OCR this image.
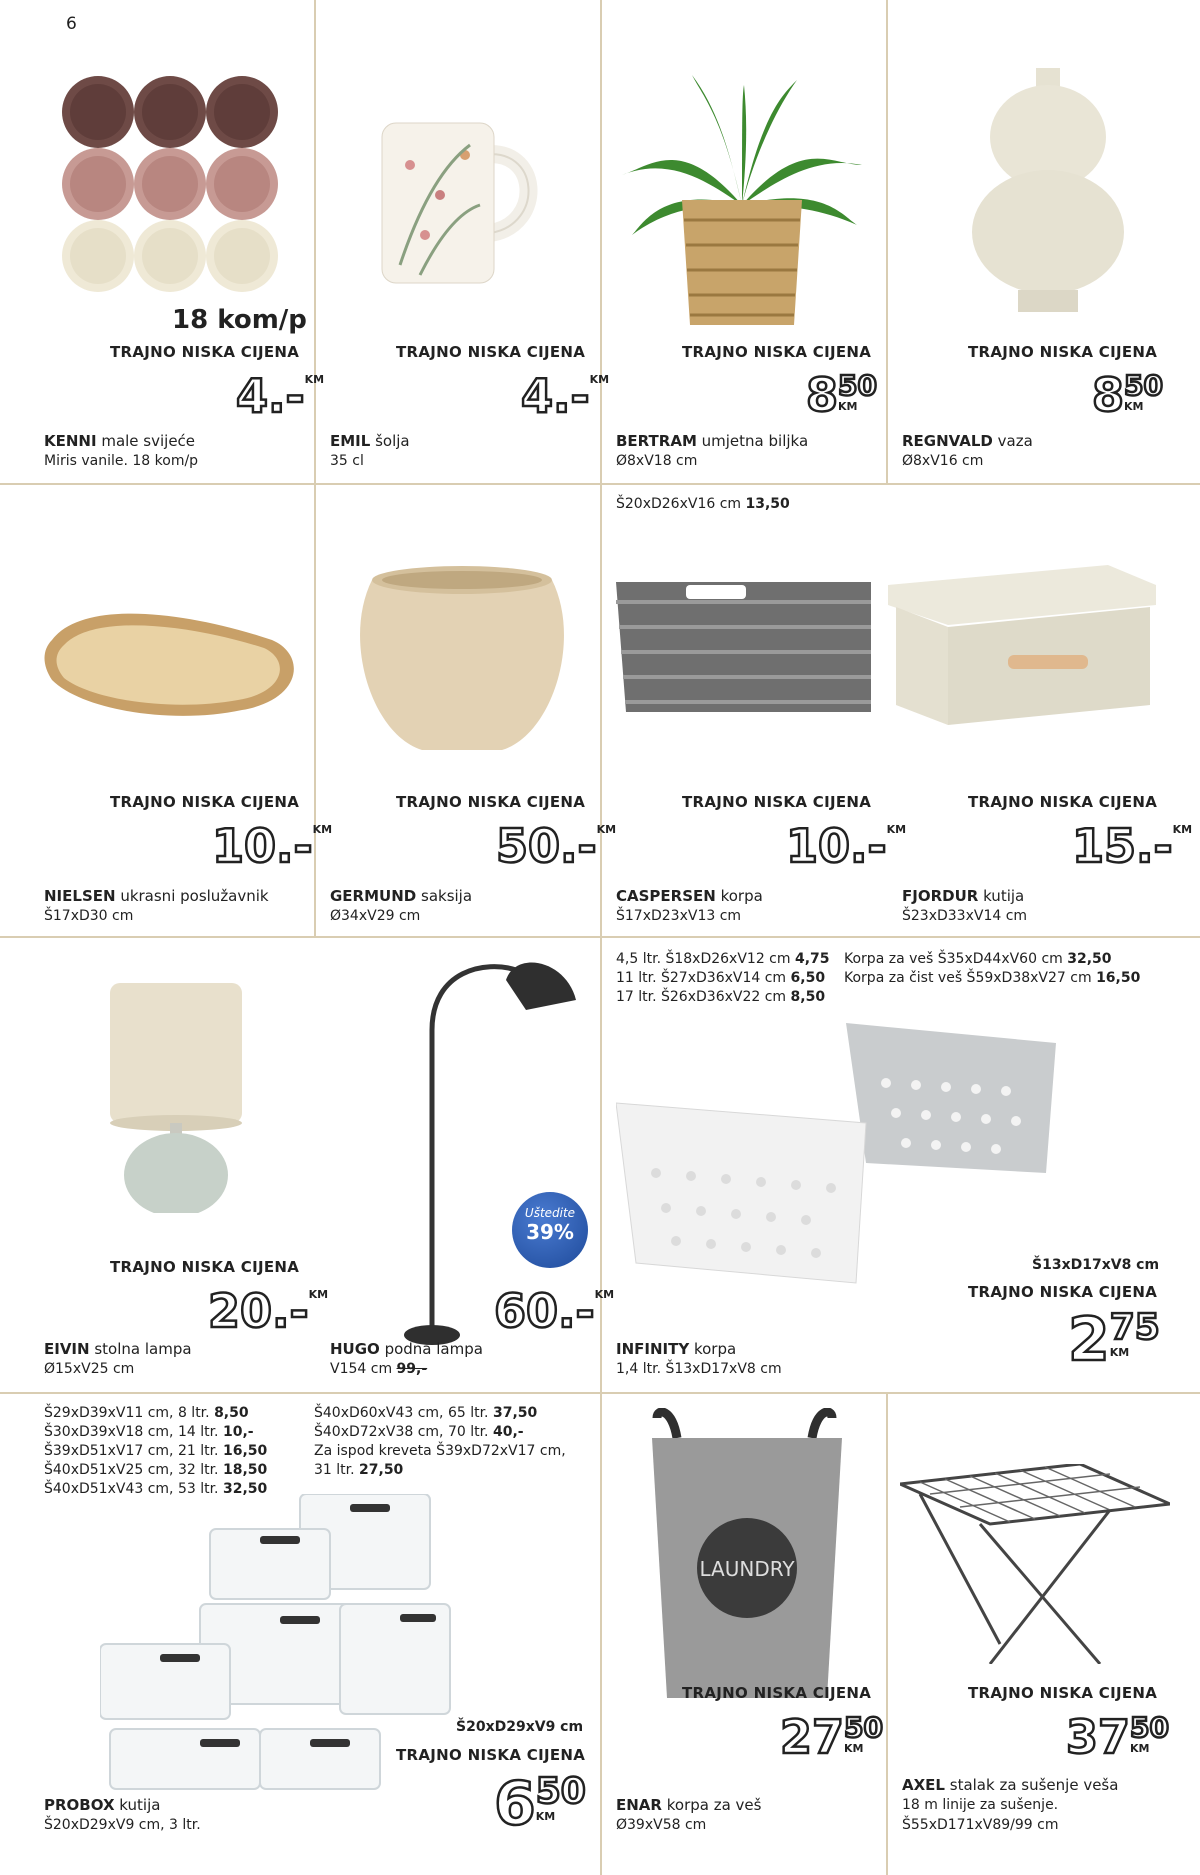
6
18 kom/p
TRAJNO NISKA CIJENA
4.- KM
KENNI male svijeće
Miris vanile. 18 kom/p
TRAJNO NISKA CIJENA
4.- KM
EMIL šolja
35 cl
TRAJNO NISKA CIJENA
8 50
KM
BERTRAM umjetna biljka
Ø8xV18 cm
TRAJNO NISKA CIJENA
8 50
KM
REGNVALD vaza
Ø8xV16 cm
TRAJNO NISKA CIJENA
10.- KM
NIELSEN ukrasni poslužavnik
Š17xD30 cm
TRAJNO NISKA CIJENA
50.- KM
GERMUND saksija
Ø34xV29 cm
Š20xD26xV16 cm 13,50
TRAJNO NISKA CIJENA
10.- KM
CASPERSEN korpa
Š17xD23xV13 cm
TRAJNO NISKA CIJENA
15.- KM
FJORDUR kutija
Š23xD33xV14 cm
TRAJNO NISKA CIJENA
20.- KM
EIVIN stolna lampa
Ø15xV25 cm
Uštedite
39%
60.- KM
HUGO podna lampa
V154 cm 99,-
4,5 ltr. Š18xD26xV12 cm 4,75
11 ltr. Š27xD36xV14 cm 6,50
17 ltr. Š26xD36xV22 cm 8,50
Korpa za veš Š35xD44xV60 cm 32,50
Korpa za čist veš Š59xD38xV27 cm 16,50
Š13xD17xV8 cm
TRAJNO NISKA CIJENA
2 75
KM
INFINITY korpa
1,4 ltr. Š13xD17xV8 cm
Š29xD39xV11 cm, 8 ltr. 8,50
Š30xD39xV18 cm, 14 ltr. 10,-
Š39xD51xV17 cm, 21 ltr. 16,50
Š40xD51xV25 cm, 32 ltr. 18,50
Š40xD51xV43 cm, 53 ltr. 32,50
Š40xD60xV43 cm, 65 ltr. 37,50
Š40xD72xV38 cm, 70 ltr. 40,-
Za ispod kreveta Š39xD72xV17 cm,
31 ltr. 27,50
Š20xD29xV9 cm
TRAJNO NISKA CIJENA
6 50
KM
PROBOX kutija
Š20xD29xV9 cm, 3 ltr.
LAUNDRY
TRAJNO NISKA CIJENA
27 50
KM
ENAR korpa za veš
Ø39xV58 cm
TRAJNO NISKA CIJENA
37 50
KM
AXEL stalak za sušenje veša
18 m linije za sušenje.
Š55xD171xV89/99 cm
